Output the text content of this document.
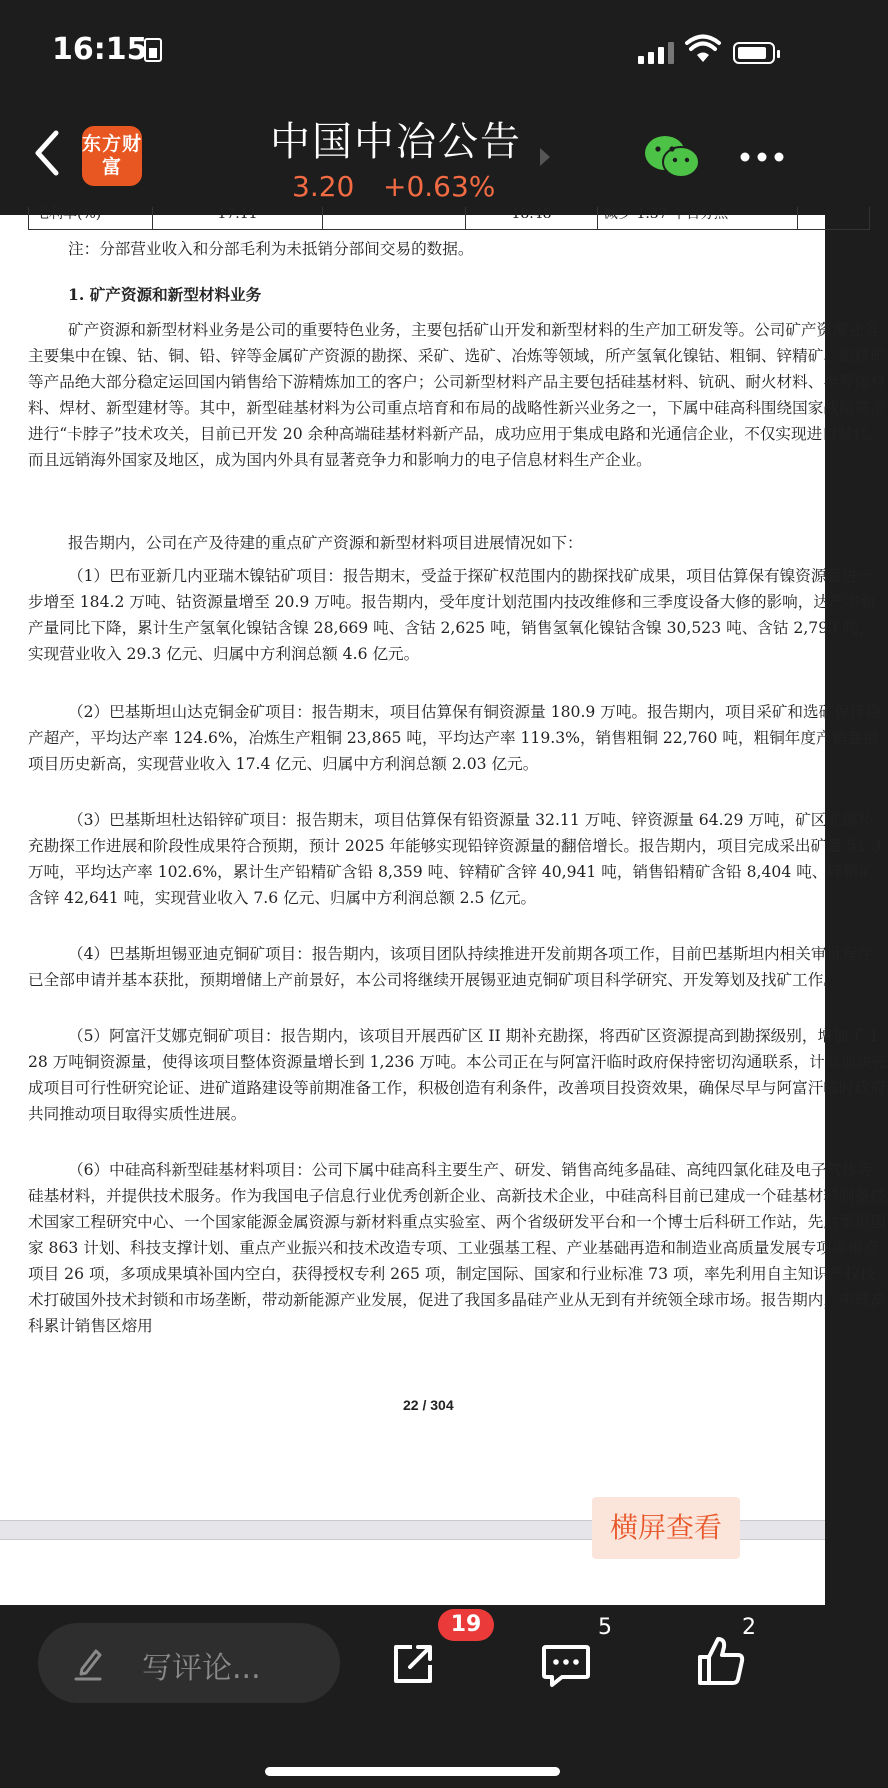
16:15
东方财富
中国中冶公告
3.20 +0.63%
毛利率(%)	17.11	-	18.48	减少 1.37 个百分点
注：分部营业收入和分部毛利为未抵销分部间交易的数据。
1. 矿产资源和新型材料业务
矿产资源和新型材料业务是公司的重要特色业务，主要包括矿山开发和新型材料的生产加工研发等。公司矿产资源业务主要集中在镍、钴、铜、铅、锌等金属矿产资源的勘探、采矿、选矿、冶炼等领域，所产氢氧化镍钴、粗铜、锌精矿、铅精矿等产品绝大部分稳定运回国内销售给下游精炼加工的客户；公司新型材料产品主要包括硅基材料、钪矾、耐火材料、半导体材料、焊材、新型建材等。其中，新型硅基材料为公司重点培育和布局的战略性新兴业务之一，下属中硅高科围绕国家战略需求进行“卡脖子”技术攻关，目前已开发 20 余种高端硅基材料新产品，成功应用于集成电路和光通信企业，不仅实现进口替代，而且远销海外国家及地区，成为国内外具有显著竞争力和影响力的电子信息材料生产企业。
报告期内，公司在产及待建的重点矿产资源和新型材料项目进展情况如下：
（1）巴布亚新几内亚瑞木镍钴矿项目：报告期末，受益于探矿权范围内的勘探找矿成果，项目估算保有镍资源量进一步增至 184.2 万吨、钴资源量增至 20.9 万吨。报告期内，受年度计划范围内技改维修和三季度设备大修的影响，达产率和产量同比下降，累计生产氢氧化镍钴含镍 28,669 吨、含钴 2,625 吨，销售氢氧化镍钴含镍 30,523 吨、含钴 2,793 吨，实现营业收入 29.3 亿元、归属中方利润总额 4.6 亿元。
（2）巴基斯坦山达克铜金矿项目：报告期末，项目估算保有铜资源量 180.9 万吨。报告期内，项目采矿和选矿保持稳产超产，平均达产率 124.6%，冶炼生产粗铜 23,865 吨，平均达产率 119.3%，销售粗铜 22,760 吨，粗铜年度产销量创项目历史新高，实现营业收入 17.4 亿元、归属中方利润总额 2.03 亿元。
（3）巴基斯坦杜达铅锌矿项目：报告期末，项目估算保有铅资源量 32.11 万吨、锌资源量 64.29 万吨，矿区北部补充勘探工作进展和阶段性成果符合预期，预计 2025 年能够实现铅锌资源量的翻倍增长。报告期内，项目完成采出矿量 51.3 万吨，平均达产率 102.6%，累计生产铅精矿含铅 8,359 吨、锌精矿含锌 40,941 吨，销售铅精矿含铅 8,404 吨、锌精矿含锌 42,641 吨，实现营业收入 7.6 亿元、归属中方利润总额 2.5 亿元。
（4）巴基斯坦锡亚迪克铜矿项目：报告期内，该项目团队持续推进开发前期各项工作，目前巴基斯坦内相关审批程序已全部申请并基本获批，预期增储上产前景好，本公司将继续开展锡亚迪克铜矿项目科学研究、开发筹划及找矿工作。
（5）阿富汗艾娜克铜矿项目：报告期内，该项目开展西矿区 II 期补充勘探，将西矿区资源提高到勘探级别，增加了 128 万吨铜资源量，使得该项目整体资源量增长到 1,236 万吨。本公司正在与阿富汗临时政府保持密切沟通联系，计划加快完成项目可行性研究论证、进矿道路建设等前期准备工作，积极创造有利条件，改善项目投资效果，确保尽早与阿富汗临时政府共同推动项目取得实质性进展。
（6）中硅高科新型硅基材料项目：公司下属中硅高科主要生产、研发、销售高纯多晶硅、高纯四氯化硅及电子气体等硅基材料，并提供技术服务。作为我国电子信息行业优秀创新企业、高新技术企业，中硅高科目前已建成一个硅基材料制备技术国家工程研究中心、一个国家能源金属资源与新材料重点实验室、两个省级研发平台和一个博士后科研工作站，先后承担国家 863 计划、科技支撑计划、重点产业振兴和技术改造专项、工业强基工程、产业基础再造和制造业高质量发展专项等重点项目 26 项，多项成果填补国内空白，获得授权专利 265 项，制定国际、国家和行业标准 73 项，率先利用自主知识产权技术打破国外技术封锁和市场垄断，带动新能源产业发展，促进了我国多晶硅产业从无到有并统领全球市场。报告期内，中硅高科累计销售区熔用
22 / 304
横屏查看
写评论...
19	5	2
